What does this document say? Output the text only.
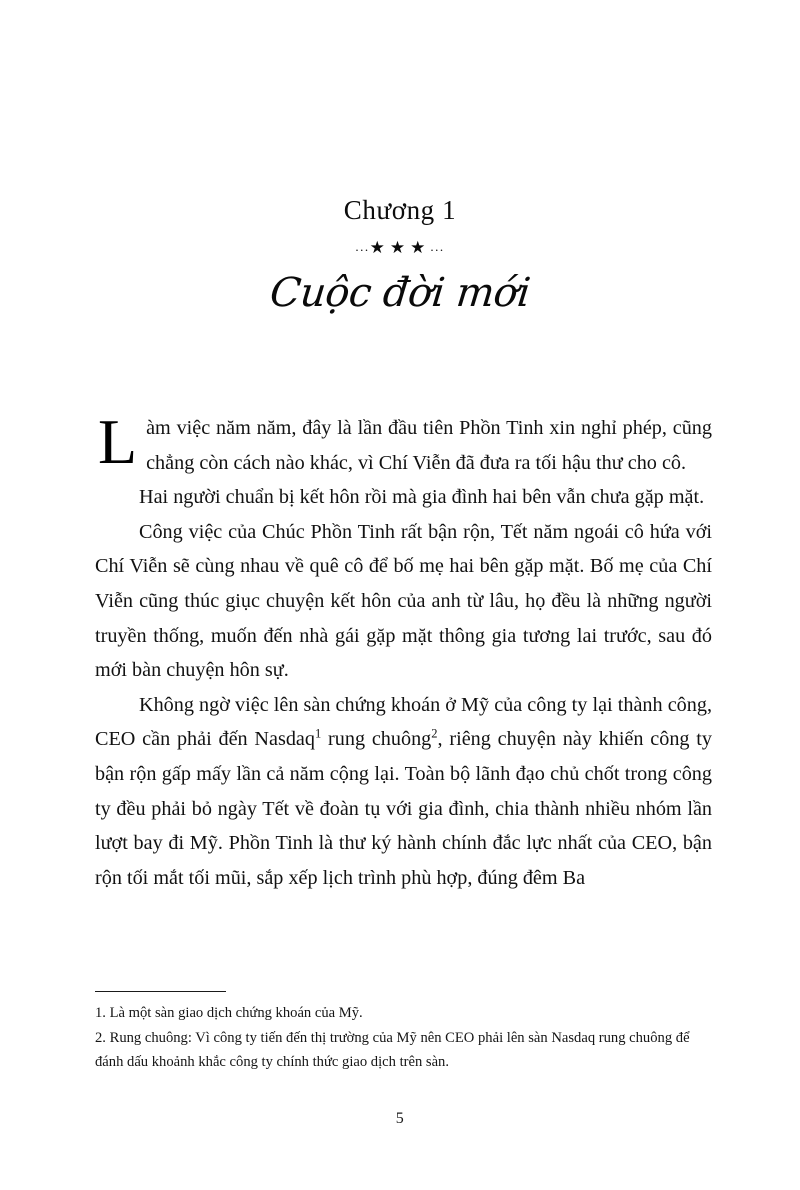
Chương 1
...★★★...
Cuộc đời mới

Làm việc năm năm, đây là lần đầu tiên Phồn Tinh xin nghỉ phép, cũng chẳng còn cách nào khác, vì Chí Viễn đã đưa ra tối hậu thư cho cô.

Hai người chuẩn bị kết hôn rồi mà gia đình hai bên vẫn chưa gặp mặt.

Công việc của Chúc Phồn Tinh rất bận rộn, Tết năm ngoái cô hứa với Chí Viễn sẽ cùng nhau về quê cô để bố mẹ hai bên gặp mặt. Bố mẹ của Chí Viễn cũng thúc giục chuyện kết hôn của anh từ lâu, họ đều là những người truyền thống, muốn đến nhà gái gặp mặt thông gia tương lai trước, sau đó mới bàn chuyện hôn sự.

Không ngờ việc lên sàn chứng khoán ở Mỹ của công ty lại thành công, CEO cần phải đến Nasdaq$^1$ rung chuông$^2$, riêng chuyện này khiến công ty bận rộn gấp mấy lần cả năm cộng lại. Toàn bộ lãnh đạo chủ chốt trong công ty đều phải bỏ ngày Tết về đoàn tụ với gia đình, chia thành nhiều nhóm lần lượt bay đi Mỹ. Phồn Tinh là thư ký hành chính đắc lực nhất của CEO, bận rộn tối mắt tối mũi, sắp xếp lịch trình phù hợp, đúng đêm Ba

1. Là một sàn giao dịch chứng khoán của Mỹ.

2. Rung chuông: Vì công ty tiến đến thị trường của Mỹ nên CEO phải lên sàn Nasdaq rung chuông để đánh dấu khoảnh khắc công ty chính thức giao dịch trên sàn.

5
